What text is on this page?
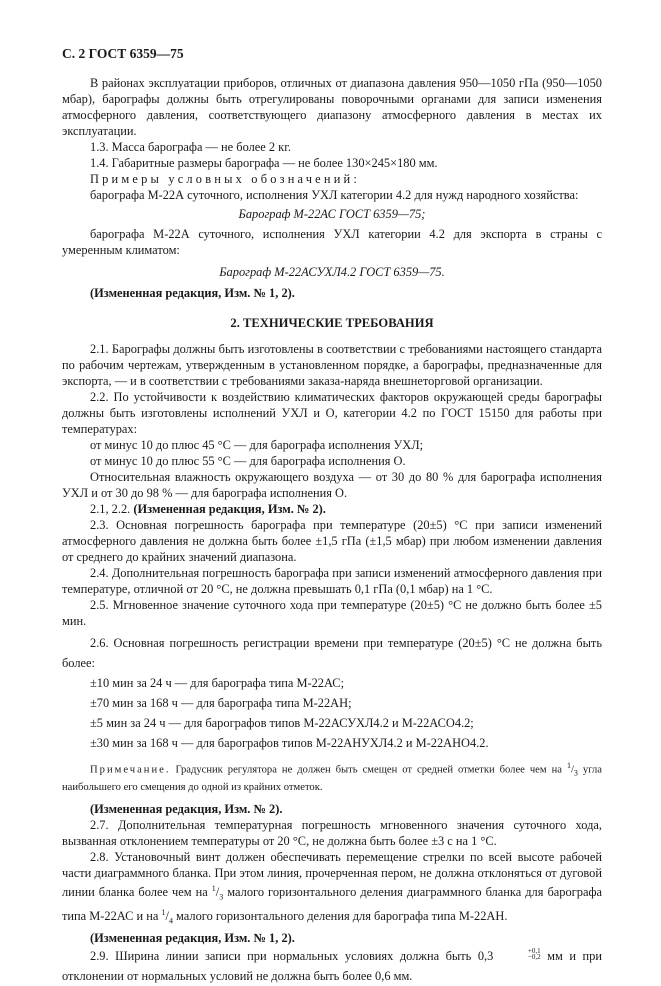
С. 2 ГОСТ 6359—75

В районах эксплуатации приборов, отличных от диапазона давления 950—1050 гПа (950—1050 мбар), барографы должны быть отрегулированы поворочными органами для записи изменения атмосферного давления, соответствующего диапазону атмосферного давления в местах их эксплуатации.

1.3. Масса барографа — не более 2 кг.

1.4. Габаритные размеры барографа — не более 130×245×180 мм.

Примеры условных обозначений:

барографа М-22А суточного, исполнения УХЛ категории 4.2 для нужд народного хозяйства:

Барограф М-22АС ГОСТ 6359—75;

барографа М-22А суточного, исполнения УХЛ категории 4.2 для экспорта в страны с умеренным климатом:

Барограф М-22АСУХЛ4.2 ГОСТ 6359—75.

(Измененная редакция, Изм. № 1, 2).

2. ТЕХНИЧЕСКИЕ ТРЕБОВАНИЯ

2.1. Барографы должны быть изготовлены в соответствии с требованиями настоящего стандарта по рабочим чертежам, утвержденным в установленном порядке, а барографы, предназначенные для экспорта, — и в соответствии с требованиями заказа-наряда внешнеторговой организации.

2.2. По устойчивости к воздействию климатических факторов окружающей среды барографы должны быть изготовлены исполнений УХЛ и О, категории 4.2 по ГОСТ 15150 для работы при температурах:

от минус 10 до плюс 45 °С — для барографа исполнения УХЛ;

от минус 10 до плюс 55 °С — для барографа исполнения О.

Относительная влажность окружающего воздуха — от 30 до 80 % для барографа исполнения УХЛ и от 30 до 98 % — для барографа исполнения О.

2.1, 2.2. (Измененная редакция, Изм. № 2).

2.3. Основная погрешность барографа при температуре (20±5) °С при записи изменений атмосферного давления не должна быть более ±1,5 гПа (±1,5 мбар) при любом изменении давления от среднего до крайних значений диапазона.

2.4. Дополнительная погрешность барографа при записи изменений атмосферного давления при температуре, отличной от 20 °С, не должна превышать 0,1 гПа (0,1 мбар) на 1 °С.

2.5. Мгновенное значение суточного хода при температуре (20±5) °С не должно быть более ±5 мин.

2.6. Основная погрешность регистрации времени при температуре (20±5) °С не должна быть более:

±10 мин за 24 ч — для барографа типа М-22АС;

±70 мин за 168 ч — для барографа типа М-22АН;

±5 мин за 24 ч — для барографов типов М-22АСУХЛ4.2 и М-22АСО4.2;

±30 мин за 168 ч — для барографов типов М-22АНУХЛ4.2 и М-22АНО4.2.

Примечание. Градусник регулятора не должен быть смещен от средней отметки более чем на $^1/_3$ угла наибольшего его смещения до одной из крайних отметок.

(Измененная редакция, Изм. № 2).

2.7. Дополнительная температурная погрешность мгновенного значения суточного хода, вызванная отклонением температуры от 20 °С, не должна быть более ±3 с на 1 °С.

2.8. Установочный винт должен обеспечивать перемещение стрелки по всей высоте рабочей части диаграммного бланка. При этом линия, прочерченная пером, не должна отклоняться от дуговой линии бланка более чем на $^1/_3$ малого горизонтального деления диаграммного бланка для барографа типа М-22АС и на $^1/_4$ малого горизонтального деления для барографа типа М-22АН.

(Измененная редакция, Изм. № 1, 2).

2.9. Ширина линии записи при нормальных условиях должна быть 0,3	+0,1
−0,2 мм и при отклонении от нормальных условий не должна быть более 0,6 мм.
